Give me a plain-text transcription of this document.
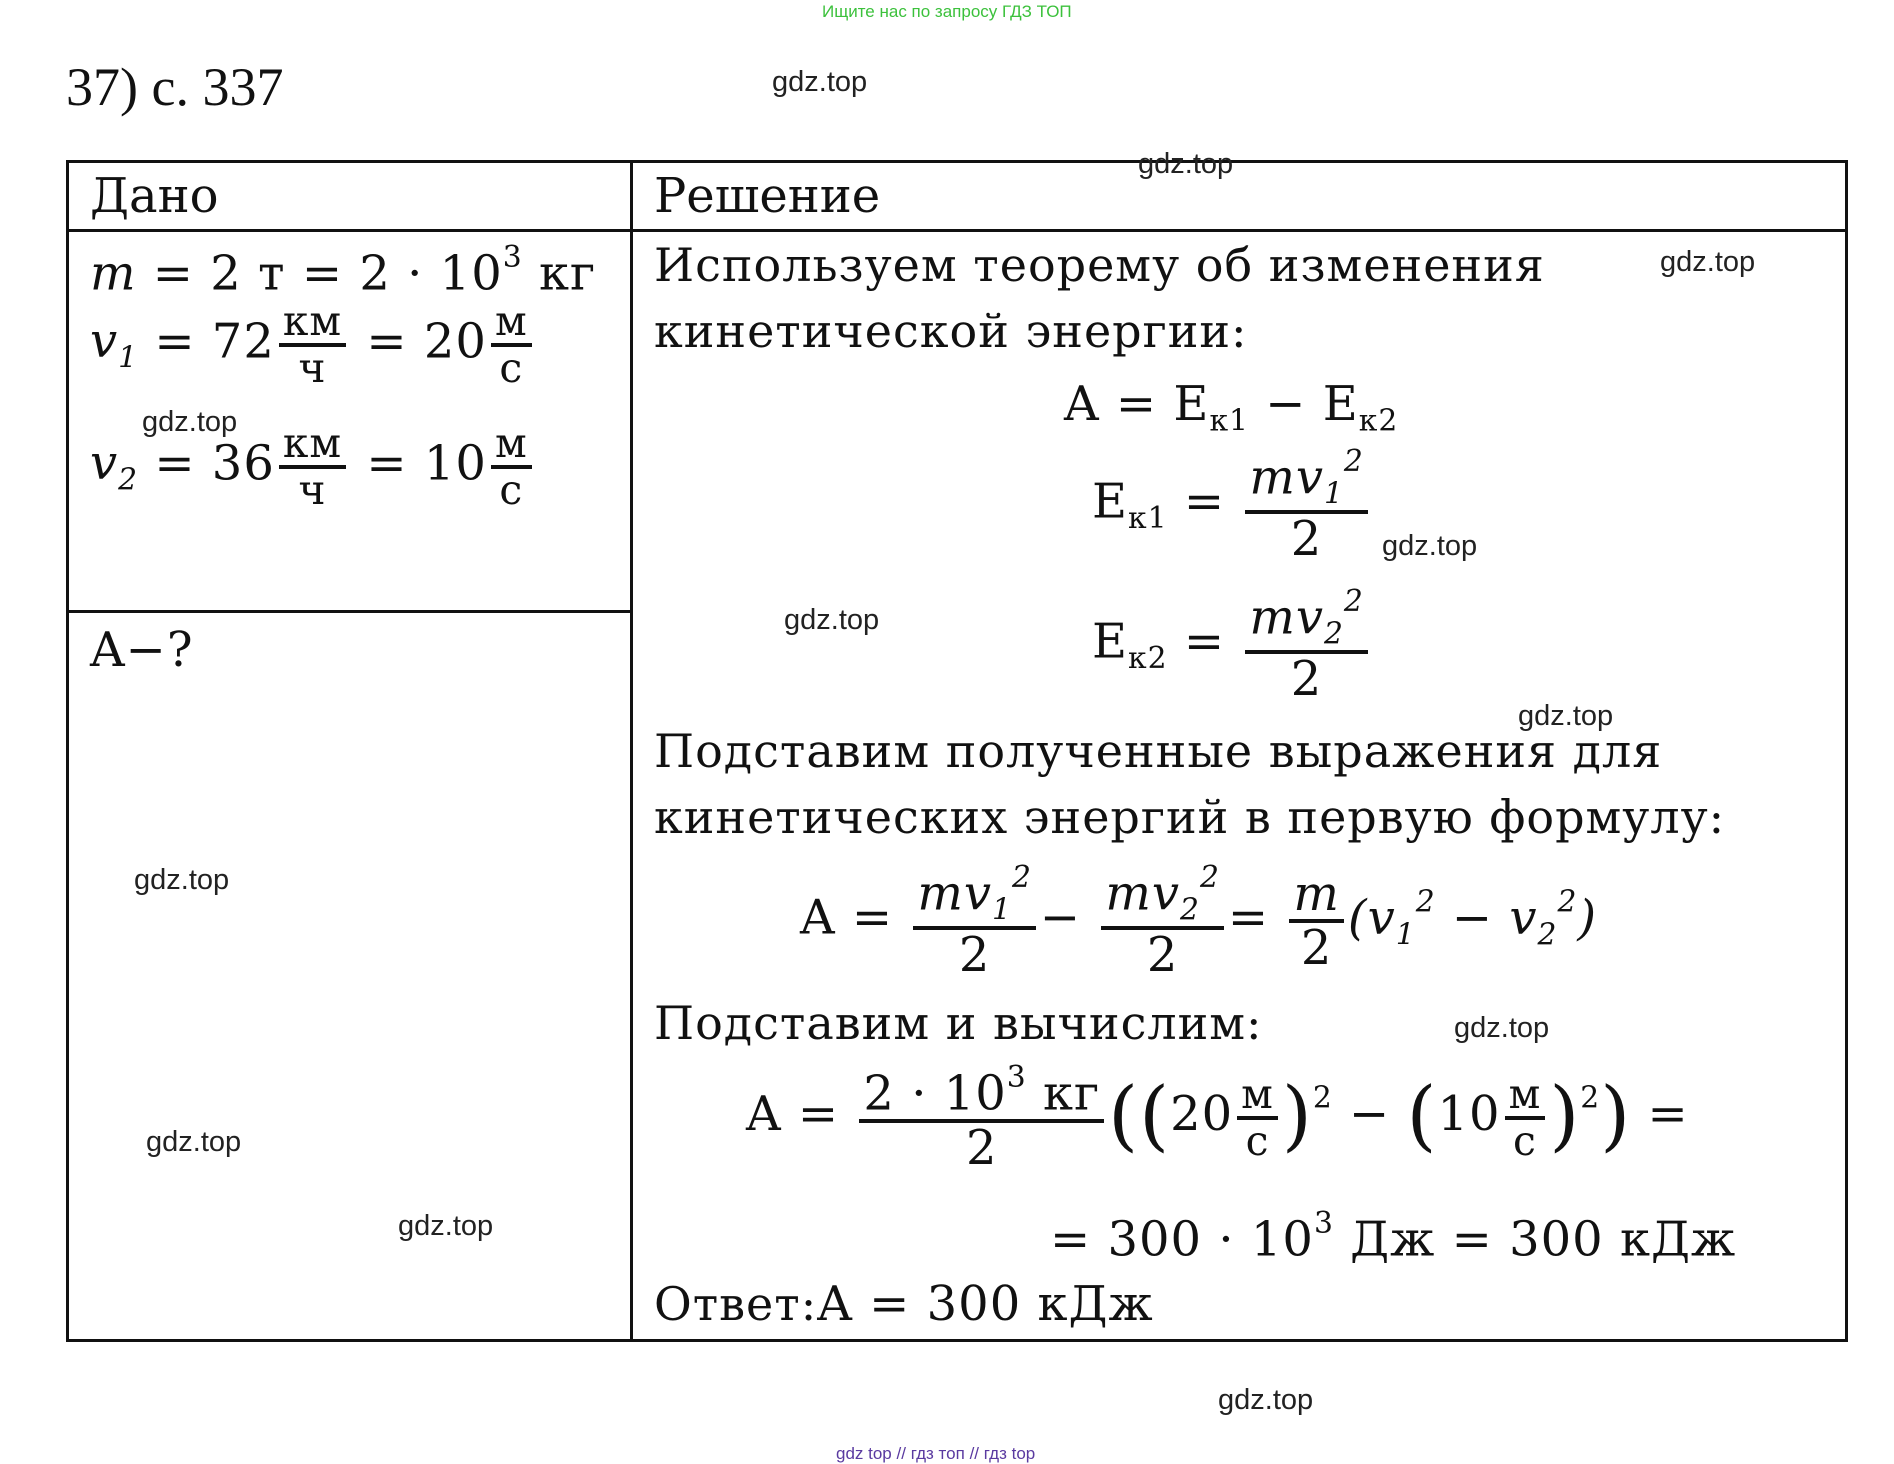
Ищите нас по запросу ГДЗ ТОП
37) с. 337
Дано	Решение
m = 2 $т = 2 \cdot 10^3$ кг
$v_1 = 72 \frac{км}{ч} = 20 \frac{м}{с}$
$v_2 = 36 \frac{км}{ч} = 10 \frac{м}{с}$
A−?
Используем теорему об изменения
кинетической энергии:
$A = E_{к1} - E_{к2}$
$E_{к1} = \frac{mv_1^2}{2}$
$E_{к2} = \frac{mv_2^2}{2}$
Подставим полученные выражения для
кинетических энергий в первую формулу:
$A = \frac{mv_1^2}{2} - \frac{mv_2^2}{2} = \frac{m}{2} (v_1^2 - v_2^2)$
Подставим и вычислим:
$A = \frac{2 \cdot 10^3 кг}{2} ((20 \frac{м}{с} )^2 - (10 \frac{м}{с} )^2)$ =
= $300 \cdot 10^3$ Дж = 300 кДж
Ответ:A = 300 кДж
gdz.top
gdz.top
gdz.top
gdz.top
gdz.top
gdz.top
gdz.top
gdz.top
gdz.top
gdz.top
gdz.top
gdz.top
gdz top // гдз топ // гдз top
